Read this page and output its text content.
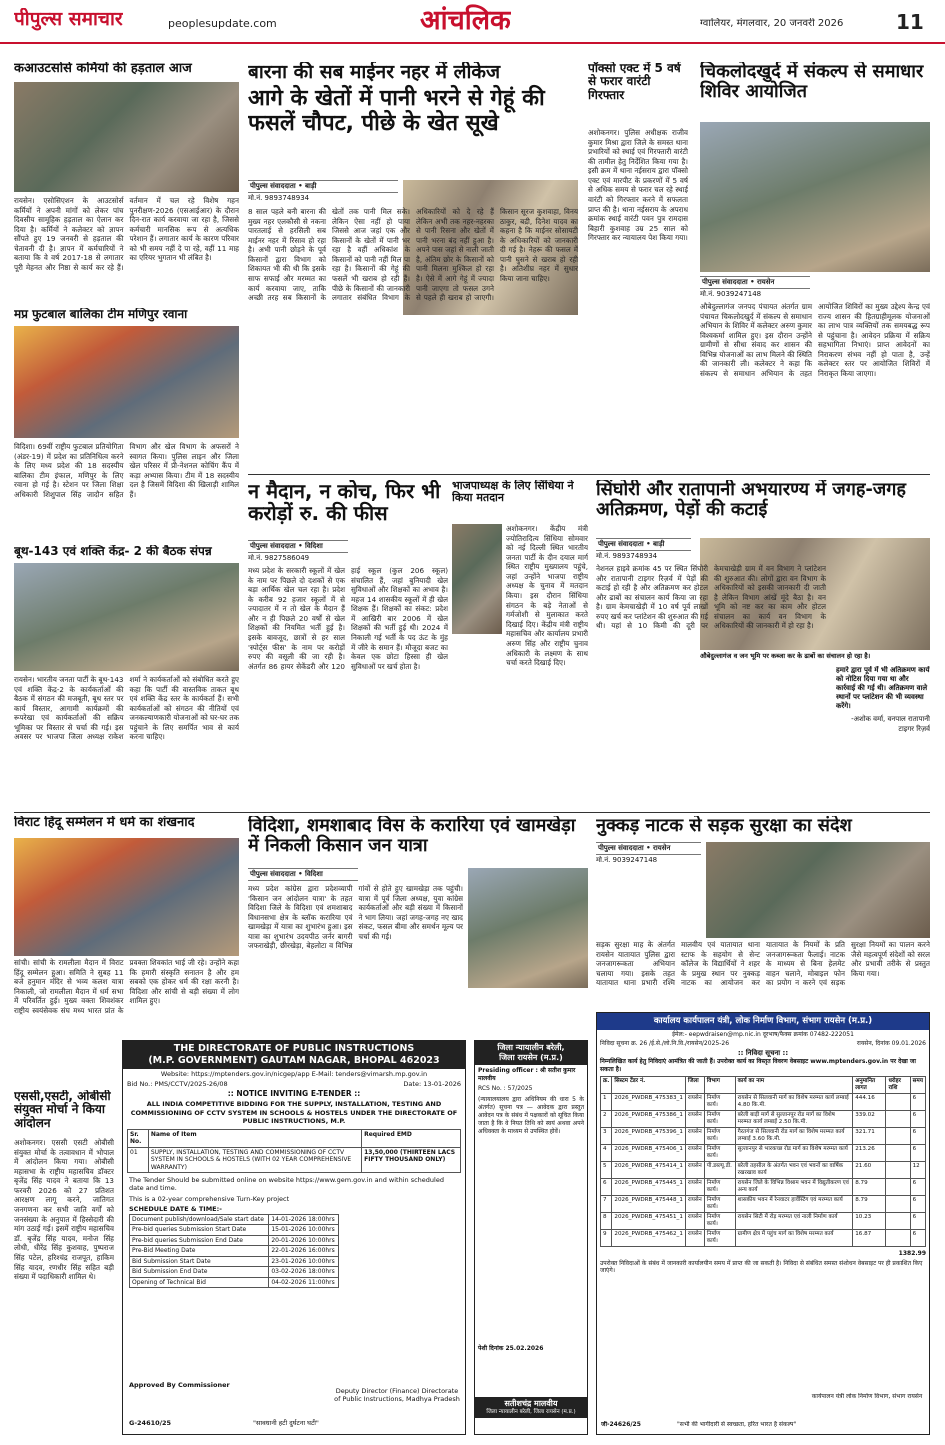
पीपुल्स समाचार	peoplesupdate.com	आंचलिक	ग्वालियर, मंगलवार, 20 जनवरी 2026	11
कआउटसोर्स कर्मियों की हड़ताल आज
रायसेन। एसोसिएशन के आउटसोर्स कर्मियों ने अपनी मांगों को लेकर पांच दिवसीय सामूहिक हड़ताल का ऐलान कर दिया है। कर्मियों ने कलेक्टर को ज्ञापन सौंपते हुए 19 जनवरी से हड़ताल की चेतावनी दी है। ज्ञापन में कर्मचारियों ने बताया कि वे वर्ष 2017-18 से लगातार पूरी मेहनत और निष्ठा से कार्य कर रहे हैं। वर्तमान में चल रहे विशेष गहन पुनरीक्षण-2026 (एसआईआर) के दौरान दिन-रात कार्य करवाया जा रहा है, जिससे कर्मचारी मानसिक रूप से अत्यधिक परेशान हैं। लगातार कार्य के कारण परिवार को भी समय नहीं दे पा रहे, वहीं 11 माह का एरियर भुगतान भी लंबित है।
बारना की सब माईनर नहर में लीकेज
आगे के खेतों में पानी भरने से गेहूं की फसलें चौपट, पीछे के खेत सूखे
पीपुल्स संवाददाता • बाड़ी
मो.नं. 9893748934
8 साल पहले बनी बारना की मुख्य नहर एलकौसी से नकना पारतलाई से हरसिली सब माईनर नहर में रिसाव हो रहा है। अभी पानी छोड़ने के पूर्व किसानों द्वारा विभाग को शिकायत भी की थी कि इसके साफ सफाई और मरम्मत का कार्य करवाया जाए, ताकि अच्छी तरह सब किसानों के खेतों तक पानी मिल सके। लेकिन ऐसा नहीं हो पाया जिससे आज जहां एक और किसानों के खेतों में पानी भर रहा है वहीं अधिकांश के किसानों को पानी नहीं मिल पा रहा है। किसानों की गेहूं की फसलें भी खराब हो रही हैं। पीछे के किसानों की जानकारी लगातार संबंधित विभाग के अधिकारियों को दे रहे हैं लेकिन अभी तक नहर-नहरका से पानी रिसना और खेतों में पानी भरना बंद नहीं हुआ है। अपने पास जहां से नाली जाती है, अंतिम छोर के किसानों को पानी मिलना मुश्किल हो रहा है। ऐसे में आगे गेहूं में ज्यादा पानी जाएगा तो फसल उगने से पहले ही खराब हो जाएगी। किसान सूरज कुशवाहा, विनय ठाकुर, बद्री, दिनेश यादव का कहना है कि माईनर सोसायटी के अधिकारियों को जानकारी दी गई है। नेहरू की फसल में पानी घुसने से खराब हो रही है। अतिशीघ्र नहर में सुधार किया जाना चाहिए।
पॉक्सो एक्ट में 5 वर्ष से फरार वारंटी गिरफ्तार
अशोकनगर। पुलिस अधीक्षक राजीव कुमार मिश्रा द्वारा जिले के समस्त थाना प्रभारियों को स्थाई एवं गिरफ्तारी वारंटी की तामील हेतु निर्देशित किया गया है। इसी क्रम में थाना नईसराय द्वारा पॉक्सो एक्ट एवं मारपीट के प्रकरणों में 5 वर्ष से अधिक समय से फरार चल रहे स्थाई वारंटी को गिरफ्तार करने में सफलता प्राप्त की है। थाना नईसराय के अपराध क्रमांक स्थाई वारंटी पवन पुत्र रामदास बिहारी कुशवाह उम्र 25 साल को गिरफ्तार कर न्यायालय पेश किया गया।
चिकलोदखुर्द में संकल्प से समाधार शिविर आयोजित
पीपुल्स संवाददाता • रायसेन
मो.नं. 9039247148
औबेदुल्लागंज जनपद पंचायत अंतर्गत ग्राम पंचायत चिकलोदखुर्द में संकल्प से समाधान अभियान के शिविर में कलेक्टर अरुण कुमार विश्वकर्मा शामिल हुए। इस दौरान उन्होंने ग्रामीणों से सीधा संवाद कर शासन की विभिन्न योजनाओं का लाभ मिलने की स्थिति की जानकारी ली। कलेक्टर ने कहा कि संकल्प से समाधान अभियान के तहत आयोजित शिविरों का मुख्य उद्देश्य केन्द्र एवं राज्य शासन की हितग्राहीमूलक योजनाओं का लाभ पात्र व्यक्तियों तक समयबद्ध रूप से पहुंचाना है। आवेदन प्रक्रिया में सक्रिय सहभागिता निभाएं। प्राप्त आवेदनों का निराकरण संभव नहीं हो पाता है, उन्हें कलेक्टर स्तर पर आयोजित शिविरों में निराकृत किया जाएगा।
मप्र फुटबाल बालिका टीम मणिपुर रवाना
विदिशा। 69वीं राष्ट्रीय फुटबाल प्रतियोगिता (अंडर-19) में प्रदेश का प्रतिनिधित्व करने के लिए मध्य प्रदेश की 18 सदस्यीय बालिका टीम इंफाल, मणिपुर के लिए रवाना हो गई है। स्टेशन पर जिला शिक्षा अधिकारी शिशुपाल सिंह जादौन सहित विभाग और खेल विभाग के अफसरों ने स्वागत किया। पुलिस लाइन और जिला खेल परिसर में प्री-नेशनल कोचिंग कैंप में कड़ा अभ्यास किया। टीम में 18 सदस्यीय दल है जिसमें विदिशा की खिलाड़ी शामिल हैं।
बूथ-143 एवं शक्ति केंद्र- 2 की बैठक संपन्न
रायसेन। भारतीय जनता पार्टी के बूथ-143 एवं शक्ति केंद्र-2 के कार्यकर्ताओं की बैठक में संगठन की मजबूती, बूथ स्तर पर कार्य विस्तार, आगामी कार्यक्रमों की रूपरेखा एवं कार्यकर्ताओं की सक्रिय भूमिका पर विस्तार से चर्चा की गई। इस अवसर पर भाजपा जिला अध्यक्ष राकेश शर्मा ने कार्यकर्ताओं को संबोधित करते हुए कहा कि पार्टी की वास्तविक ताकत बूथ एवं शक्ति केंद्र स्तर के कार्यकर्ता हैं। सभी कार्यकर्ताओं को संगठन की नीतियों एवं जनकल्याणकारी योजनाओं को घर-घर तक पहुंचाने के लिए समर्पित भाव से कार्य करना चाहिए।
न मैदान, न कोच, फिर भी करोड़ों रु. की फीस
पीपुल्स संवाददाता • विदिशा
मो.नं. 9827586049
मध्य प्रदेश के सरकारी स्कूलों में खेल के नाम पर पिछले दो दशकों से एक बड़ा आर्थिक खेल चल रहा है। प्रदेश के करीब 92 हजार स्कूलों में से ज्यादातर में न तो खेल के मैदान हैं और न ही पिछले 20 वर्षों से खेल शिक्षकों की नियमित भर्ती हुई है। इसके बावजूद, छात्रों से हर साल 'स्पोर्ट्स फीस' के नाम पर करोड़ों रुपए की वसूली की जा रही है। अंतर्गत 86 हायर सेकेंडरी और 120 हाई स्कूल (कुल 206 स्कूल) संचालित हैं, जहां बुनियादी खेल सुविधाओं और शिक्षकों का अभाव है। महज 14 शासकीय स्कूलों में ही खेल शिक्षक हैं। शिक्षकों का संकट: प्रदेश में आखिरी बार 2006 में खेल शिक्षकों की भर्ती हुई थी। 2024 में निकाली गई भर्ती के पद ऊंट के मुंह में जीरे के समान हैं। मौजूदा बजट का केवल एक छोटा हिस्सा ही खेल सुविधाओं पर खर्च होता है।
भाजपाध्यक्ष के लिए सिंधिया ने किया मतदान
अशोकनगर। केंद्रीय मंत्री ज्योतिरादित्य सिंधिया सोमवार को नई दिल्ली स्थित भारतीय जनता पार्टी के दीन दयाल मार्ग स्थित राष्ट्रीय मुख्यालय पहुंचे, जहां उन्होंने भाजपा राष्ट्रीय अध्यक्ष के चुनाव में मतदान किया। इस दौरान सिंधिया संगठन के बड़े नेताओं से गर्मजोशी से मुलाकात करते दिखाई दिए। केंद्रीय मंत्री राष्ट्रीय महासचिव और कार्यालय प्रभारी अरुण सिंह और राष्ट्रीय चुनाव अधिकारी के लक्ष्मण के साथ चर्चा करते दिखाई दिए।
सिंघोरी और रातापानी अभयारण्य में जगह-जगह अतिक्रमण, पेड़ों की कटाई
पीपुल्स संवाददाता • बाड़ी
मो.नं. 9893748934
औबेदुल्लागंज व जन भूमि पर कब्जा कर के ढाबों का संचालन हो रहा है।
नेशनल हाइवे क्रमांक 45 पर स्थित सिंघोरी और रातापानी टाइगर रिज़र्व में पेड़ों की कटाई हो रही है और अतिक्रमण कर होटल और ढाबों का संचालन कार्य किया जा रहा है। ग्राम केमचाखेड़ी में 10 वर्ष पूर्व लाखों रुपए खर्च कर प्लांटेशन की शुरुआत की गई थी। यहां से 10 किमी की दूरी पर केमचाखेड़ी ग्राम में वन विभाग ने प्लांटेशन की शुरुआत की। लोगों द्वारा वन विभाग के अधिकारियों को इसकी जानकारी दी जाती है लेकिन विभाग आंखें मूंदे बैठा है। वन भूमि को नष्ट कर का काम और होटल संचालन का कार्य वन विभाग के अधिकारियों की जानकारी में हो रहा है।
हमारे द्वारा पूर्व में भी अतिक्रमण कार्य को नोटिस दिया गया था और कार्रवाई की गई थी। अतिक्रमण वाले स्थानों पर प्लांटेशन की भी व्यवस्था करेंगे।
-अशोक वर्मा, वनपाल रातापानी टाइगर रिज़र्व
विराट हिंदू सम्मेलन में धर्म का शंखनाद
सांची। सांची के रामलीला मैदान में विराट हिंदू सम्मेलन हुआ। समिति ने सुबह 11 बजे हनुमान मंदिर से भव्य कलश यात्रा निकाली, जो रामलीला मैदान में धर्म सभा में परिवर्तित हुई। मुख्य वक्ता शिवशंकर राष्ट्रीय स्वयंसेवक संघ मध्य भारत प्रांत के प्रवक्ता शिवकांत भाई जी रहे। उन्होंने कहा कि हमारी संस्कृति सनातन है और हम सबको एक होकर धर्म की रक्षा करनी है। विदिशा और सांची से बड़ी संख्या में लोग शामिल हुए।
एससी,एसटी, ओबीसी संयुक्त मोर्चा ने किया आंदोलन
अशोकनगर। एससी एसटी ओबीसी संयुक्त मोर्चा के तत्वावधान में भोपाल में आंदोलन किया गया। ओबीसी महासभा के राष्ट्रीय महासचिव डॉक्टर बृजेंद्र सिंह यादव ने बताया कि 13 फरवरी 2026 को 27 प्रतिशत आरक्षण लागू करने, जातिगत जनगणना कर सभी जाति वर्गों को जनसंख्या के अनुपात में हिस्सेदारी की मांग उठाई गई। इसमें राष्ट्रीय महासचिव डॉ. बृजेंद्र सिंह यादव, मनोज सिंह लोधी, धीरेंद्र सिंह कुशवाह, पुष्पराज सिंह पटेल, हरिश्चंद्र राजपूत, हाकिम सिंह यादव, रणधीर सिंह सहित बड़ी संख्या में पदाधिकारी शामिल थे।
विदिशा, शमशाबाद विस के करारिया एवं खामखेड़ा में निकली किसान जन यात्रा
पीपुल्स संवाददाता • विदिशा
मध्य प्रदेश कांग्रेस द्वारा प्रदेशव्यापी 'किसान जन आंदोलन यात्रा' के तहत विदिशा जिले के विदिशा एवं शमशाबाद विधानसभा क्षेत्र के ब्लॉक करारिया एवं खामखेड़ा में यात्रा का शुभारंभ हुआ। इस यात्रा का शुभारंभ उदयपीठ जर्नर बागरी जफराखेड़ी, छीरखेड़ा, बेहलोटा व विभिन्न गांवों से होते हुए खामखेड़ा तक पहुंची। यात्रा में पूर्व जिला अध्यक्ष, युवा कांग्रेस कार्यकर्ताओं और बड़ी संख्या में किसानों ने भाग लिया। जहां जगह-जगह नए खाद संकट, फसल बीमा और समर्थन मूल्य पर चर्चा की गई।
नुक्कड़ नाटक से सड़क सुरक्षा का संदेश
पीपुल्स संवाददाता • रायसेन
मो.नं. 9039247148
सड़क सुरक्षा माह के अंतर्गत रायसेन यातायात पुलिस द्वारा जनजागरूकता अभियान चलाया गया। इसके तहत यातायात थाना प्रभारी रश्मि मालवीय एवं यातायात थाना स्टाफ के सहयोग से सेन्ट कॉलेज के विद्यार्थियों ने शहर के प्रमुख स्थान पर नुक्कड़ नाटक का आयोजन कर यातायात के नियमों के प्रति जनजागरूकता फैलाई। नाटक के माध्यम से बिना हेलमेट वाहन चलाने, मोबाइल फोन का प्रयोग न करने एवं सड़क सुरक्षा नियमों का पालन करने जैसे महत्वपूर्ण संदेशों को सरल और प्रभावी तरीके से प्रस्तुत किया गया।
THE DIRECTORATE OF PUBLIC INSTRUCTIONS
(M.P. GOVERNMENT) GAUTAM NAGAR, BHOPAL 462023
Website: https://mptenders.gov.in/nicgep/app E-Mail: tenders@vimarsh.mp.gov.in
Bid No.: PMS/CCTV/2025-26/08	Date: 13-01-2026
:: NOTICE INVITING E-TENDER ::
ALL INDIA COMPETITIVE BIDDING FOR THE SUPPLY, INSTALLATION, TESTING AND COMMISSIONING OF CCTV SYSTEM IN SCHOOLS & HOSTELS UNDER THE DIRECTORATE OF PUBLIC INSTRUCTIONS, M.P.
Sr. No.	Name of Item	Required EMD
01	SUPPLY, INSTALLATION, TESTING AND COMMISSIONING OF CCTV SYSTEM IN SCHOOLS & HOSTELS (WITH 02 YEAR COMPREHENSIVE WARRANTY)	13,50,000 (THIRTEEN LACS FIFTY THOUSAND ONLY)
The Tender Should be submitted online on website https://www.gem.gov.in and within scheduled date and time.
This is a 02-year comprehensive Turn-Key project
SCHEDULE DATE & TIME:-
Document publish/download/Sale start date	14-01-2026 18:00hrs
Pre-bid queries Submission Start Date	15-01-2026 10:00hrs
Pre-bid queries Submission End Date	20-01-2026 10:00hrs
Pre-Bid Meeting Date	22-01-2026 16:00hrs
Bid Submission Start Date	23-01-2026 10:00hrs
Bid Submission End Date	03-02-2026 18:00hrs
Opening of Technical Bid	04-02-2026 11:00hrs
Approved By Commissioner
Deputy Director (Finance) Directorate of Public Instructions, Madhya Pradesh
G-24610/25	"सावधानी हटी दुर्घटना घटी"
जिला न्यायालीन बरेली,
जिला रायसेन (म.प्र.)
Presiding officer : श्री सतीश कुमार मालवीय
RCS No. : 57/2025
(न्यायालयालय द्वारा अधिनियम की धारा 5 के अंतर्गत) सूचना पत्र — आवेदक द्वारा प्रस्तुत आवेदन पत्र के संबंध में पक्षकारों को सूचित किया जाता है कि वे नियत तिथि को स्वयं अथवा अपने अधिवक्ता के माध्यम से उपस्थित होवें।
पेशी दिनांक 25.02.2026
सतीशचंद्र मालवीय
जिला न्यायालीन बरेली, जिला रायसेन (म.प्र.)
कार्यालय कार्यपालन यंत्री, लोक निर्माण विभाग, संभाग रायसेन (म.प्र.)
ईमेल:- eepwdraisen@mp.nic.in दूरभाष/फैक्स क्रमांक 07482-222051
निविदा सूचना क्र. 26 /ई.से./लो.नि.वि./रायसेन/2025-26	रायसेन, दिनांक 09.01.2026
:: निविदा सूचना ::
निम्नलिखित कार्य हेतु निविदाएं आमंत्रित की जाती हैं। उपरोक्त कार्य का विस्तृत विवरण वेबसाइट www.mptenders.gov.in पर देखा जा सकता है।
क्र.	सिस्टम टेंडर नं.	जिला	विभाग	कार्य का नाम	अनुमानित लागत	धरोहर राशि	समय
1	2026_PWDRB_475383_1	रायसेन	निर्माण कार्य।	रायसेन से सिलवानी मार्ग का विशेष मरम्मत कार्य लम्बाई 4.80 कि.मी.	444.16		6
2	2026_PWDRB_475386_1	रायसेन	निर्माण कार्य।	बरेली बाड़ी मार्ग से सुल्तानपुर रोड मार्ग का विशेष मरम्मत कार्य लम्बाई 2.50 कि.मी.	339.02		6
3	2026_PWDRB_475396_1	रायसेन	निर्माण कार्य।	गैरतगंज से सिलवानी रोड मार्ग का विशेष मरम्मत कार्य लम्बाई 3.60 कि.मी.	321.71		6
4	2026_PWDRB_475406_1	रायसेन	निर्माण कार्य।	सुल्तानपुर से भारकच्छ रोड मार्ग का विशेष मरम्मत कार्य	213.26		6
5	2026_PWDRB_475414_1	रायसेन	पी.डब्ल्यू.डी.	बरेली तहसील के अंतर्गत भवन एवं भवनों का वार्षिक रखरखाव कार्य	21.60		12
6	2026_PWDRB_475445_1	रायसेन	निर्माण कार्य।	रायसेन जिले के विभिन्न विश्राम भवन में विद्युतीकरण एवं अन्य कार्य	8.79		6
7	2026_PWDRB_475448_1	रायसेन	निर्माण कार्य।	शासकीय भवन में रेनवाटर हार्वेस्टिंग एवं मरम्मत कार्य	8.79		6
8	2026_PWDRB_475451_1	रायसेन	निर्माण कार्य।	रायसेन सिटी में रोड़ मरम्मत एवं नाली निर्माण कार्य	10.23		6
9	2026_PWDRB_475462_1	रायसेन	निर्माण कार्य।	ग्रामीण क्षेत्र में पहुंच मार्ग का विशेष मरम्मत कार्य	16.87		6
1382.99
उपरोक्त निविदाओं के संबंध में जानकारी कार्यालयीन समय में प्राप्त की जा सकती है। निविदा से संबंधित समस्त संशोधन वेबसाइट पर ही प्रकाशित किए जाएंगे।
कार्यपालन यंत्री लोक निर्माण विभाग, संभाग रायसेन
जी-24626/25	"सभी की भागीदारी से स्वच्छता, हरित भारत है संकल्प"
